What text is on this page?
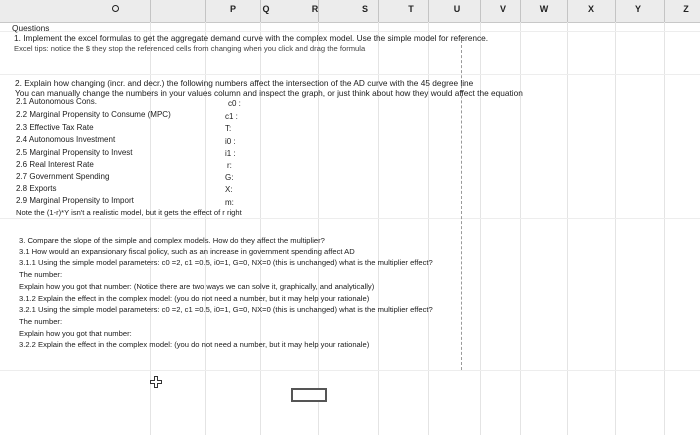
P	Q	R	S	T	U	V	W	X	Y	Z
Questions
1. Implement the excel formulas to get the aggregate demand curve with the complex model. Use the simple model for reference.
Excel tips: notice the $ they stop the referenced cells from changing when you click and drag the formula
2. Explain how changing (incr. and decr.) the following numbers affect the intersection of the AD curve with the 45 degree line
You can manually change the numbers in your values column and inspect the graph, or just think about how they would affect the equation
2.1 Autonomous Cons.	c0 :
2.2 Marginal Propensity to Consume (MPC)	c1 :
2.3 Effective Tax Rate	T:
2.4 Autonomous Investment	i0 :
2.5 Marginal Propensity to Invest	i1 :
2.6 Real Interest Rate	r:
2.7 Government Spending	G:
2.8 Exports	X:
2.9 Marginal Propensity to Import	m:
Note the (1-r)*Y isn't a realistic model, but it gets the effect of r right
3. Compare the slope of the simple and complex models. How do they affect the multiplier?
3.1 How would an expansionary fiscal policy, such as an increase in government spending affect AD
3.1.1 Using the simple model parameters: c0 =2, c1 =0.5, i0=1, G=0, NX=0 (this is unchanged) what is the multiplier effect?
The number:
Explain how you got that number: (Notice there are two ways we can solve it, graphically, and analytically)
3.1.2 Explain the effect in the complex model: (you do not need a number, but it may help your rationale)
3.2.1 Using the simple model parameters: c0 =2, c1 =0.5, i0=1, G=0, NX=0 (this is unchanged) what is the multiplier effect?
The number:
Explain how you got that number:
3.2.2 Explain the effect in the complex model: (you do not need a number, but it may help your rationale)
